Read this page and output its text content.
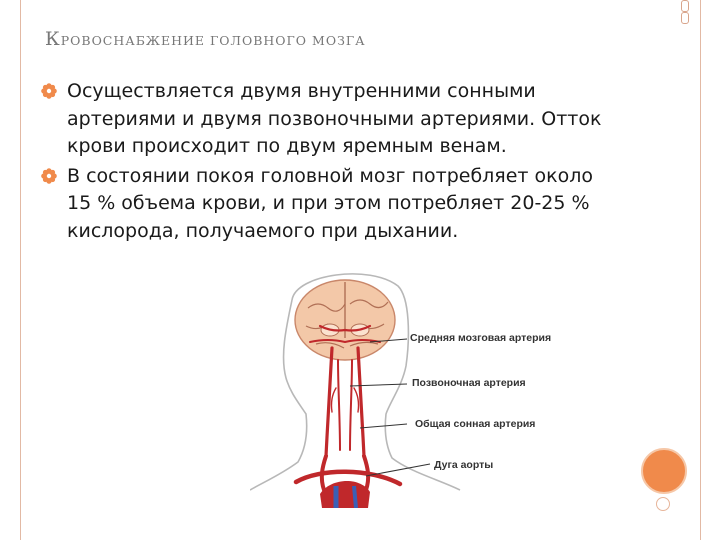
КРОВОСНАБЖЕНИЕ ГОЛОВНОГО МОЗГА
Осуществляется двумя внутренними сонными артериями и двумя позвоночными артериями. Отток крови происходит по двум яремным венам.
В состоянии покоя головной мозг потребляет около 15 % объема крови, и при этом потребляет 20-25 % кислорода, получаемого при дыхании.
Средняя мозговая артерия
Позвоночная артерия
Общая сонная артерия
Дуга аорты
